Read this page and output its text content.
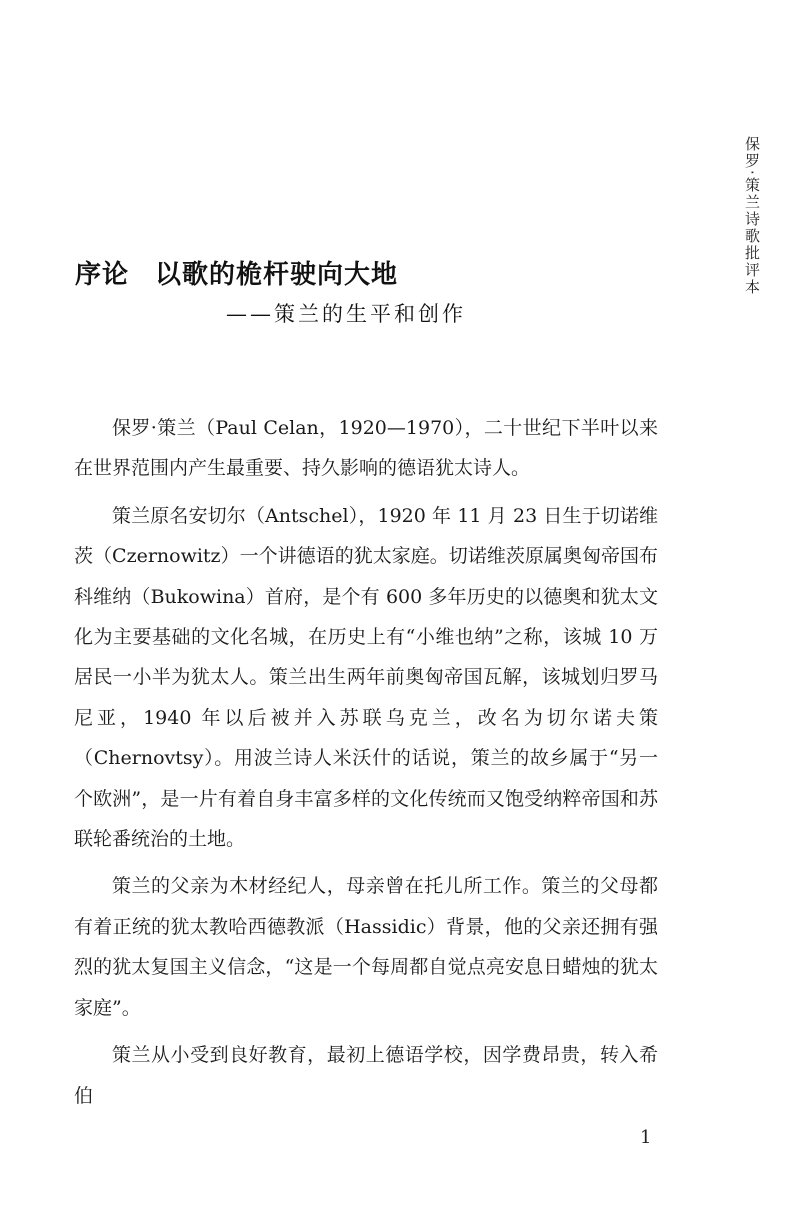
保罗·策兰诗歌批评本
序论 以歌的桅杆驶向大地
——策兰的生平和创作

保罗·策兰（Paul Celan，1920—1970），二十世纪下半叶以来在世界范围内产生最重要、持久影响的德语犹太诗人。

策兰原名安切尔（Antschel），1920 年 11 月 23 日生于切诺维茨（Czernowitz）一个讲德语的犹太家庭。切诺维茨原属奥匈帝国布科维纳（Bukowina）首府，是个有 600 多年历史的以德奥和犹太文化为主要基础的文化名城，在历史上有“小维也纳”之称，该城 10 万居民一小半为犹太人。策兰出生两年前奥匈帝国瓦解，该城划归罗马尼亚，1940 年以后被并入苏联乌克兰，改名为切尔诺夫策（Chernovtsy）。用波兰诗人米沃什的话说，策兰的故乡属于“另一个欧洲”，是一片有着自身丰富多样的文化传统而又饱受纳粹帝国和苏联轮番统治的土地。

策兰的父亲为木材经纪人，母亲曾在托儿所工作。策兰的父母都有着正统的犹太教哈西德教派（Hassidic）背景，他的父亲还拥有强烈的犹太复国主义信念，“这是一个每周都自觉点亮安息日蜡烛的犹太家庭”。

策兰从小受到良好教育，最初上德语学校，因学费昂贵，转入希伯

1
